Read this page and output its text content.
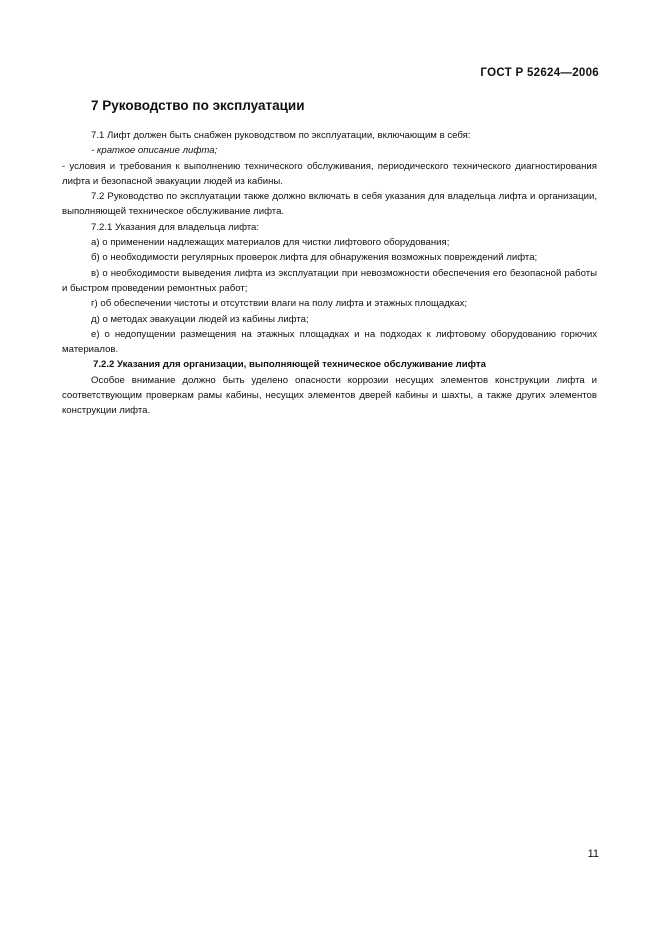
ГОСТ Р 52624—2006
7 Руководство по эксплуатации

7.1 Лифт должен быть снабжен руководством по эксплуатации, включающим в себя:

- краткое описание лифта;

- условия и требования к выполнению технического обслуживания, периодического технического диагностирования лифта и безопасной эвакуации людей из кабины.

7.2 Руководство по эксплуатации также должно включать в себя указания для владельца лифта и организации, выполняющей техническое обслуживание лифта.

7.2.1 Указания для владельца лифта:

а) о применении надлежащих материалов для чистки лифтового оборудования;

б) о необходимости регулярных проверок лифта для обнаружения возможных повреждений лифта;

в) о необходимости выведения лифта из эксплуатации при невозможности обеспечения его безопасной работы и быстром проведении ремонтных работ;

г) об обеспечении чистоты и отсутствии влаги на полу лифта и этажных площадках;

д) о методах эвакуации людей из кабины лифта;

е) о недопущении размещения на этажных площадках и на подходах к лифтовому оборудованию горючих материалов.

7.2.2 Указания для организации, выполняющей техническое обслуживание лифта

Особое внимание должно быть уделено опасности коррозии несущих элементов конструкции лифта и соответствующим проверкам рамы кабины, несущих элементов дверей кабины и шахты, а также других элементов конструкции лифта.

11
